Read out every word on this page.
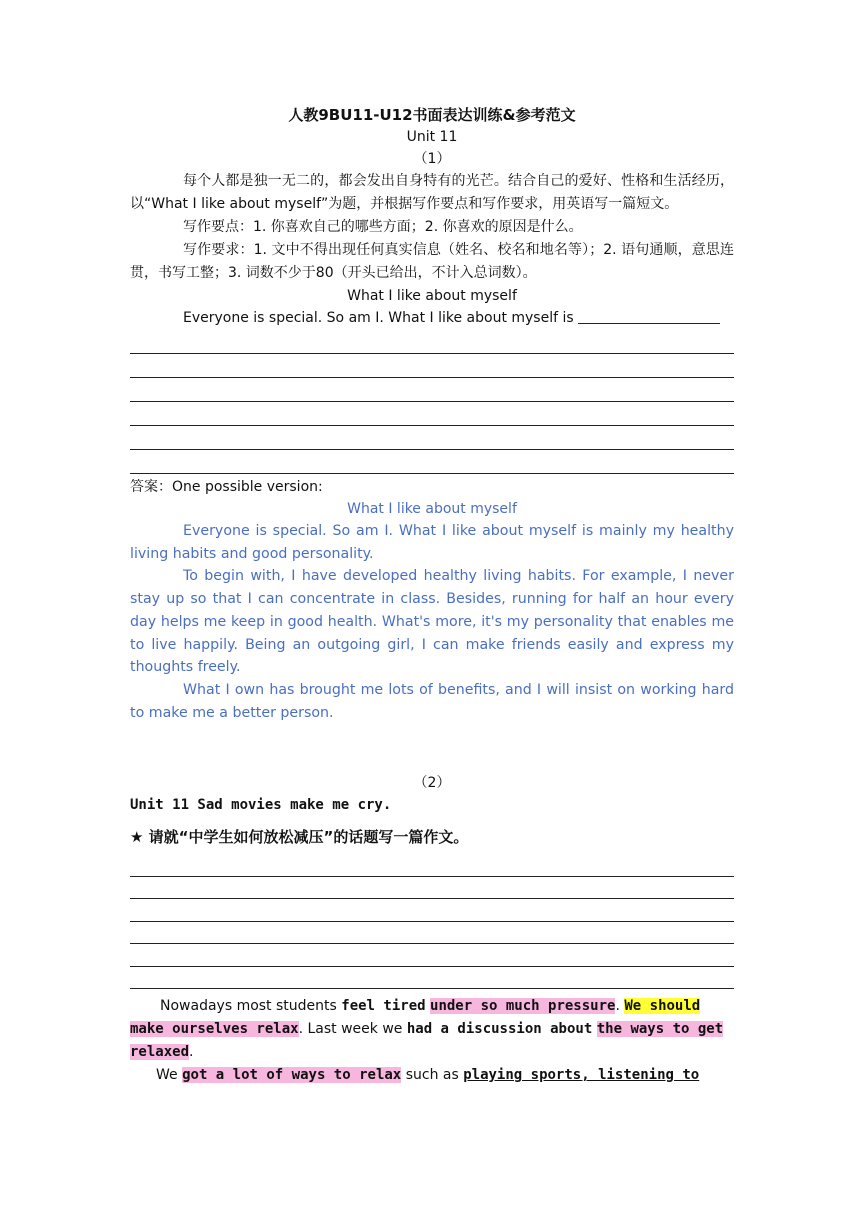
人教9BU11-U12书面表达训练&参考范文
Unit 11
（1）

每个人都是独一无二的，都会发出自身特有的光芒。结合自己的爱好、性格和生活经历，以“What I like about myself”为题，并根据写作要点和写作要求，用英语写一篇短文。

写作要点：1. 你喜欢自己的哪些方面；2. 你喜欢的原因是什么。

写作要求：1. 文中不得出现任何真实信息（姓名、校名和地名等）；2. 语句通顺，意思连贯，书写工整；3. 词数不少于80（开头已给出，不计入总词数）。

What I like about myself

Everyone is special. So am I. What I like about myself is

答案：One possible version:
What I like about myself

Everyone is special. So am I. What I like about myself is mainly my healthy living habits and good personality.

To begin with, I have developed healthy living habits. For example, I never stay up so that I can concentrate in class. Besides, running for half an hour every day helps me keep in good health. What's more, it's my personality that enables me to live happily. Being an outgoing girl, I can make friends easily and express my thoughts freely.

What I own has brought me lots of benefits, and I will insist on working hard to make me a better person.

（2）
Unit 11 Sad movies make me cry.
★ 请就“中学生如何放松减压”的话题写一篇作文。

Nowadays most students feel tired under so much pressure. We should make ourselves relax. Last week we had a discussion about the ways to get relaxed.

We got a lot of ways to relax such as playing sports, listening to
